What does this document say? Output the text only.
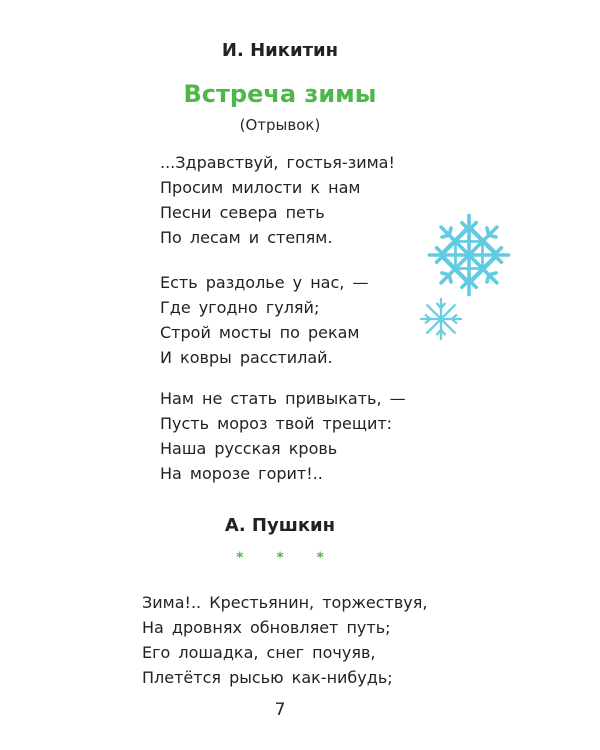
И. Никитин
Встреча зимы
(Отрывок)
...Здравствуй, гостья-зима!
Просим милости к нам
Песни севера петь
По лесам и степям.
Есть раздолье у нас, —
Где угодно гуляй;
Строй мосты по рекам
И ковры расстилай.
Нам не стать привыкать, —
Пусть мороз твой трещит:
Наша русская кровь
На морозе горит!..
А. Пушкин
* * *
Зима!.. Крестьянин, торжествуя,
На дровнях обновляет путь;
Его лошадка, снег почуяв,
Плетётся рысью как-нибудь;
7
